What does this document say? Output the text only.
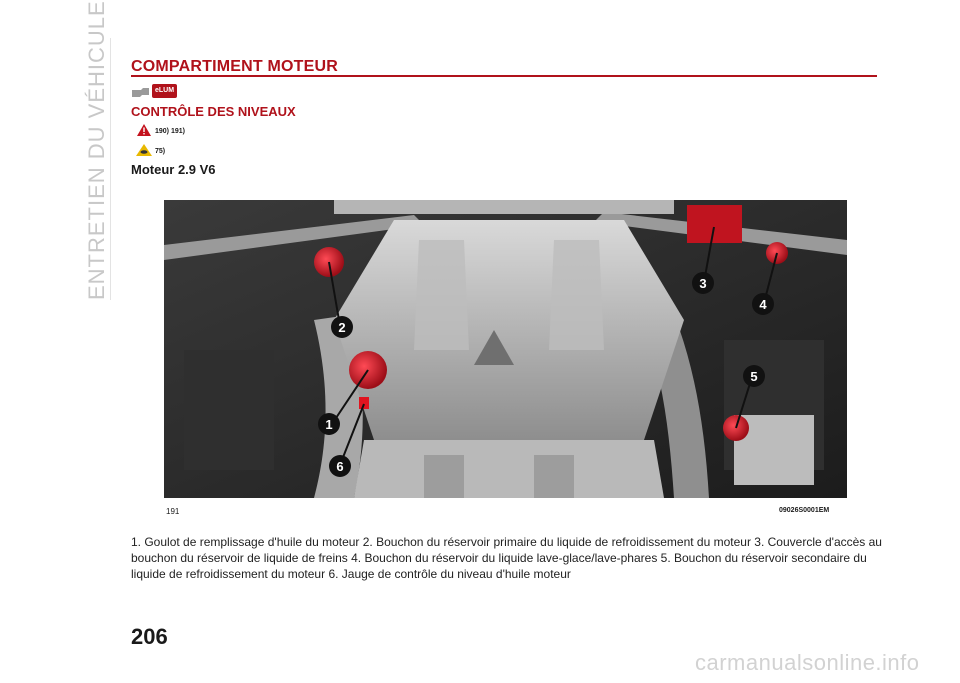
ENTRETIEN DU VÉHICULE COMPARTIMENT MOTEUR
eLUM
CONTRÔLE DES NIVEAUX
190) 191)
75)
Moteur 2.9 V6
1
2
3
4
5
6
191	09026S0001EM
1. Goulot de remplissage d'huile du moteur 2. Bouchon du réservoir primaire du liquide de refroidissement du moteur 3. Couvercle d'accès au bouchon du réservoir de liquide de freins 4. Bouchon du réservoir du liquide lave-glace/lave-phares 5. Bouchon du réservoir secondaire du liquide de refroidissement du moteur 6. Jauge de contrôle du niveau d'huile moteur
206
carmanualsonline.info
